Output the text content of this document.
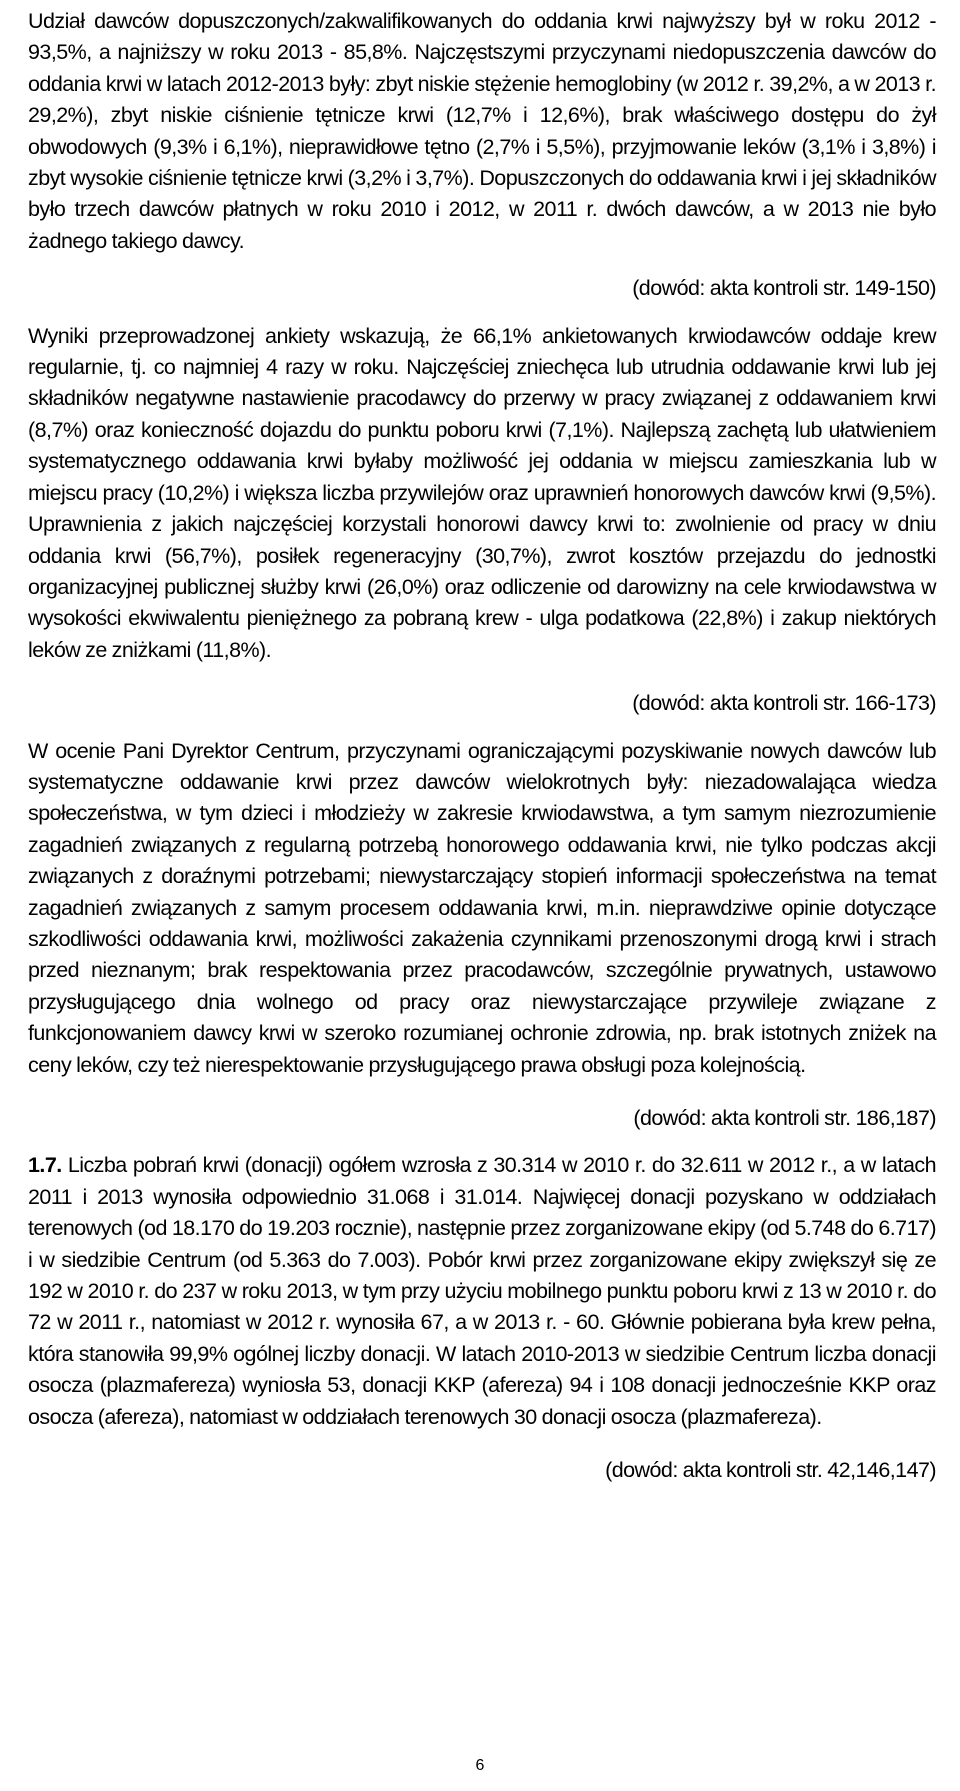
Udział dawców dopuszczonych/zakwalifikowanych do oddania krwi najwyższy był w roku 2012 - 93,5%, a najniższy w roku 2013 - 85,8%. Najczęstszymi przyczynami niedopuszczenia dawców do oddania krwi w latach 2012-2013 były: zbyt niskie stężenie hemoglobiny (w 2012 r. 39,2%, a w 2013 r. 29,2%), zbyt niskie ciśnienie tętnicze krwi (12,7% i 12,6%), brak właściwego dostępu do żył obwodowych (9,3% i 6,1%), nieprawidłowe tętno (2,7% i 5,5%), przyjmowanie leków (3,1% i 3,8%) i zbyt wysokie ciśnienie tętnicze krwi (3,2% i 3,7%). Dopuszczonych do oddawania krwi i jej składników było trzech dawców płatnych w roku 2010 i 2012, w 2011 r. dwóch dawców, a w 2013 nie było żadnego takiego dawcy.

(dowód: akta kontroli str. 149-150)

Wyniki przeprowadzonej ankiety wskazują, że 66,1% ankietowanych krwiodawców oddaje krew regularnie, tj. co najmniej 4 razy w roku. Najczęściej zniechęca lub utrudnia oddawanie krwi lub jej składników negatywne nastawienie pracodawcy do przerwy w pracy związanej z oddawaniem krwi (8,7%) oraz konieczność dojazdu do punktu poboru krwi (7,1%). Najlepszą zachętą lub ułatwieniem systematycznego oddawania krwi byłaby możliwość jej oddania w miejscu zamieszkania lub w miejscu pracy (10,2%) i większa liczba przywilejów oraz uprawnień honorowych dawców krwi (9,5%). Uprawnienia z jakich najczęściej korzystali honorowi dawcy krwi to: zwolnienie od pracy w dniu oddania krwi (56,7%), posiłek regeneracyjny (30,7%), zwrot kosztów przejazdu do jednostki organizacyjnej publicznej służby krwi (26,0%) oraz odliczenie od darowizny na cele krwiodawstwa w wysokości ekwiwalentu pieniężnego za pobraną krew - ulga podatkowa (22,8%) i zakup niektórych leków ze zniżkami (11,8%).

(dowód: akta kontroli str. 166-173)

W ocenie Pani Dyrektor Centrum, przyczynami ograniczającymi pozyskiwanie nowych dawców lub systematyczne oddawanie krwi przez dawców wielokrotnych były: niezadowalająca wiedza społeczeństwa, w tym dzieci i młodzieży w zakresie krwiodawstwa, a tym samym niezrozumienie zagadnień związanych z regularną potrzebą honorowego oddawania krwi, nie tylko podczas akcji związanych z doraźnymi potrzebami; niewystarczający stopień informacji społeczeństwa na temat zagadnień związanych z samym procesem oddawania krwi, m.in. nieprawdziwe opinie dotyczące szkodliwości oddawania krwi, możliwości zakażenia czynnikami przenoszonymi drogą krwi i strach przed nieznanym; brak respektowania przez pracodawców, szczególnie prywatnych, ustawowo przysługującego dnia wolnego od pracy oraz niewystarczające przywileje związane z funkcjonowaniem dawcy krwi w szeroko rozumianej ochronie zdrowia, np. brak istotnych zniżek na ceny leków, czy też nierespektowanie przysługującego prawa obsługi poza kolejnością.

(dowód: akta kontroli str. 186,187)

1.7. Liczba pobrań krwi (donacji) ogółem wzrosła z 30.314 w 2010 r. do 32.611 w 2012 r., a w latach 2011 i 2013 wynosiła odpowiednio 31.068 i 31.014. Najwięcej donacji pozyskano w oddziałach terenowych (od 18.170 do 19.203 rocznie), następnie przez zorganizowane ekipy (od 5.748 do 6.717) i w siedzibie Centrum (od 5.363 do 7.003). Pobór krwi przez zorganizowane ekipy zwiększył się ze 192 w 2010 r. do 237 w roku 2013, w tym przy użyciu mobilnego punktu poboru krwi z 13 w 2010 r. do 72 w 2011 r., natomiast w 2012 r. wynosiła 67, a w 2013 r. - 60. Głównie pobierana była krew pełna, która stanowiła 99,9% ogólnej liczby donacji. W latach 2010-2013 w siedzibie Centrum liczba donacji osocza (plazmafereza) wyniosła 53, donacji KKP (afereza) 94 i 108 donacji jednocześnie KKP oraz osocza (afereza), natomiast w oddziałach terenowych 30 donacji osocza (plazmafereza).

(dowód: akta kontroli str. 42,146,147)

6
